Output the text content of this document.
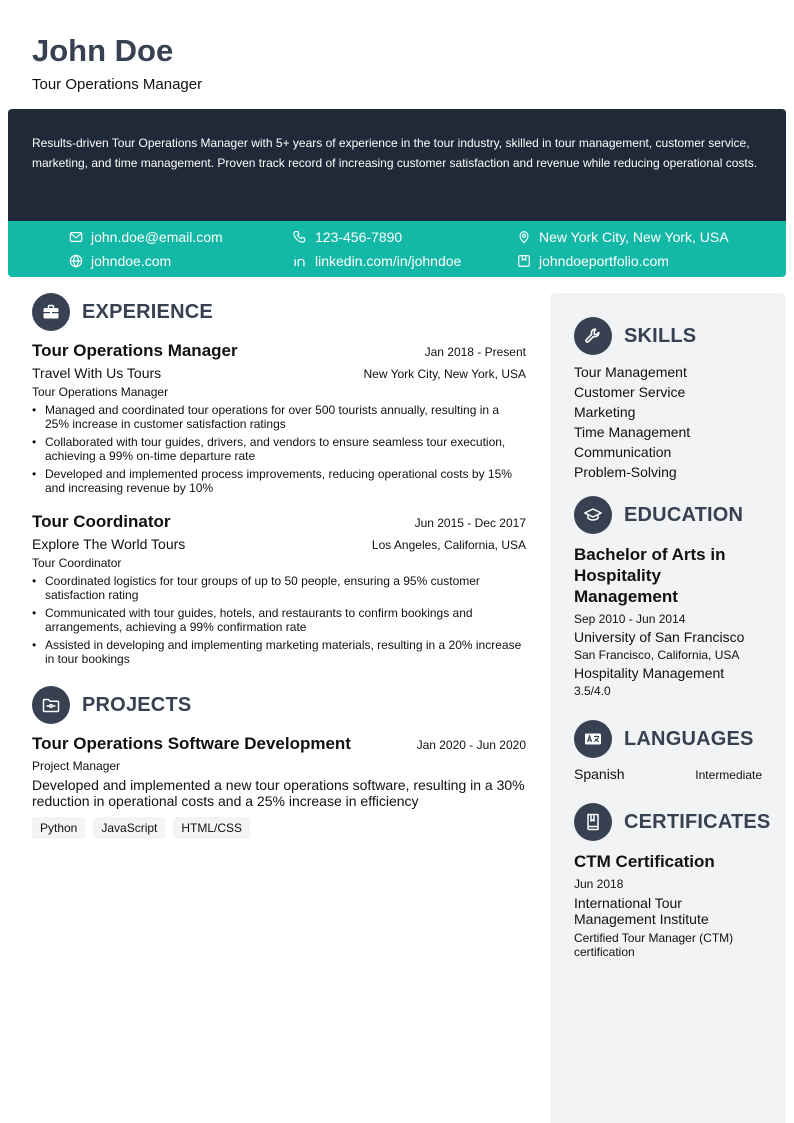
John Doe
Tour Operations Manager

Results-driven Tour Operations Manager with 5+ years of experience in the tour industry, skilled in tour management, customer service, marketing, and time management. Proven track record of increasing customer satisfaction and revenue while reducing operational costs.

john.doe@email.com	123-456-7890	New York City, New York, USA
johndoe.com	linkedin.com/in/johndoe	johndoeportfolio.com
EXPERIENCE
Tour Operations Manager	Jan 2018 - Present
Travel With Us Tours	New York City, New York, USA
Tour Operations Manager
• Managed and coordinated tour operations for over 500 tourists annually, resulting in a 25% increase in customer satisfaction ratings
• Collaborated with tour guides, drivers, and vendors to ensure seamless tour execution, achieving a 99% on-time departure rate
• Developed and implemented process improvements, reducing operational costs by 15% and increasing revenue by 10%
Tour Coordinator	Jun 2015 - Dec 2017
Explore The World Tours	Los Angeles, California, USA
Tour Coordinator
• Coordinated logistics for tour groups of up to 50 people, ensuring a 95% customer satisfaction rating
• Communicated with tour guides, hotels, and restaurants to confirm bookings and arrangements, achieving a 99% confirmation rate
• Assisted in developing and implementing marketing materials, resulting in a 20% increase in tour bookings
PROJECTS
Tour Operations Software Development	Jan 2020 - Jun 2020
Project Manager
Developed and implemented a new tour operations software, resulting in a 30% reduction in operational costs and a 25% increase in efficiency
Python	JavaScript	HTML/CSS
SKILLS
Tour Management
Customer Service
Marketing
Time Management
Communication
Problem-Solving
EDUCATION
Bachelor of Arts in Hospitality Management
Sep 2010 - Jun 2014
University of San Francisco
San Francisco, California, USA
Hospitality Management
3.5/4.0
LANGUAGES
Spanish	Intermediate
CERTIFICATES
CTM Certification
Jun 2018
International Tour Management Institute
Certified Tour Manager (CTM) certification
